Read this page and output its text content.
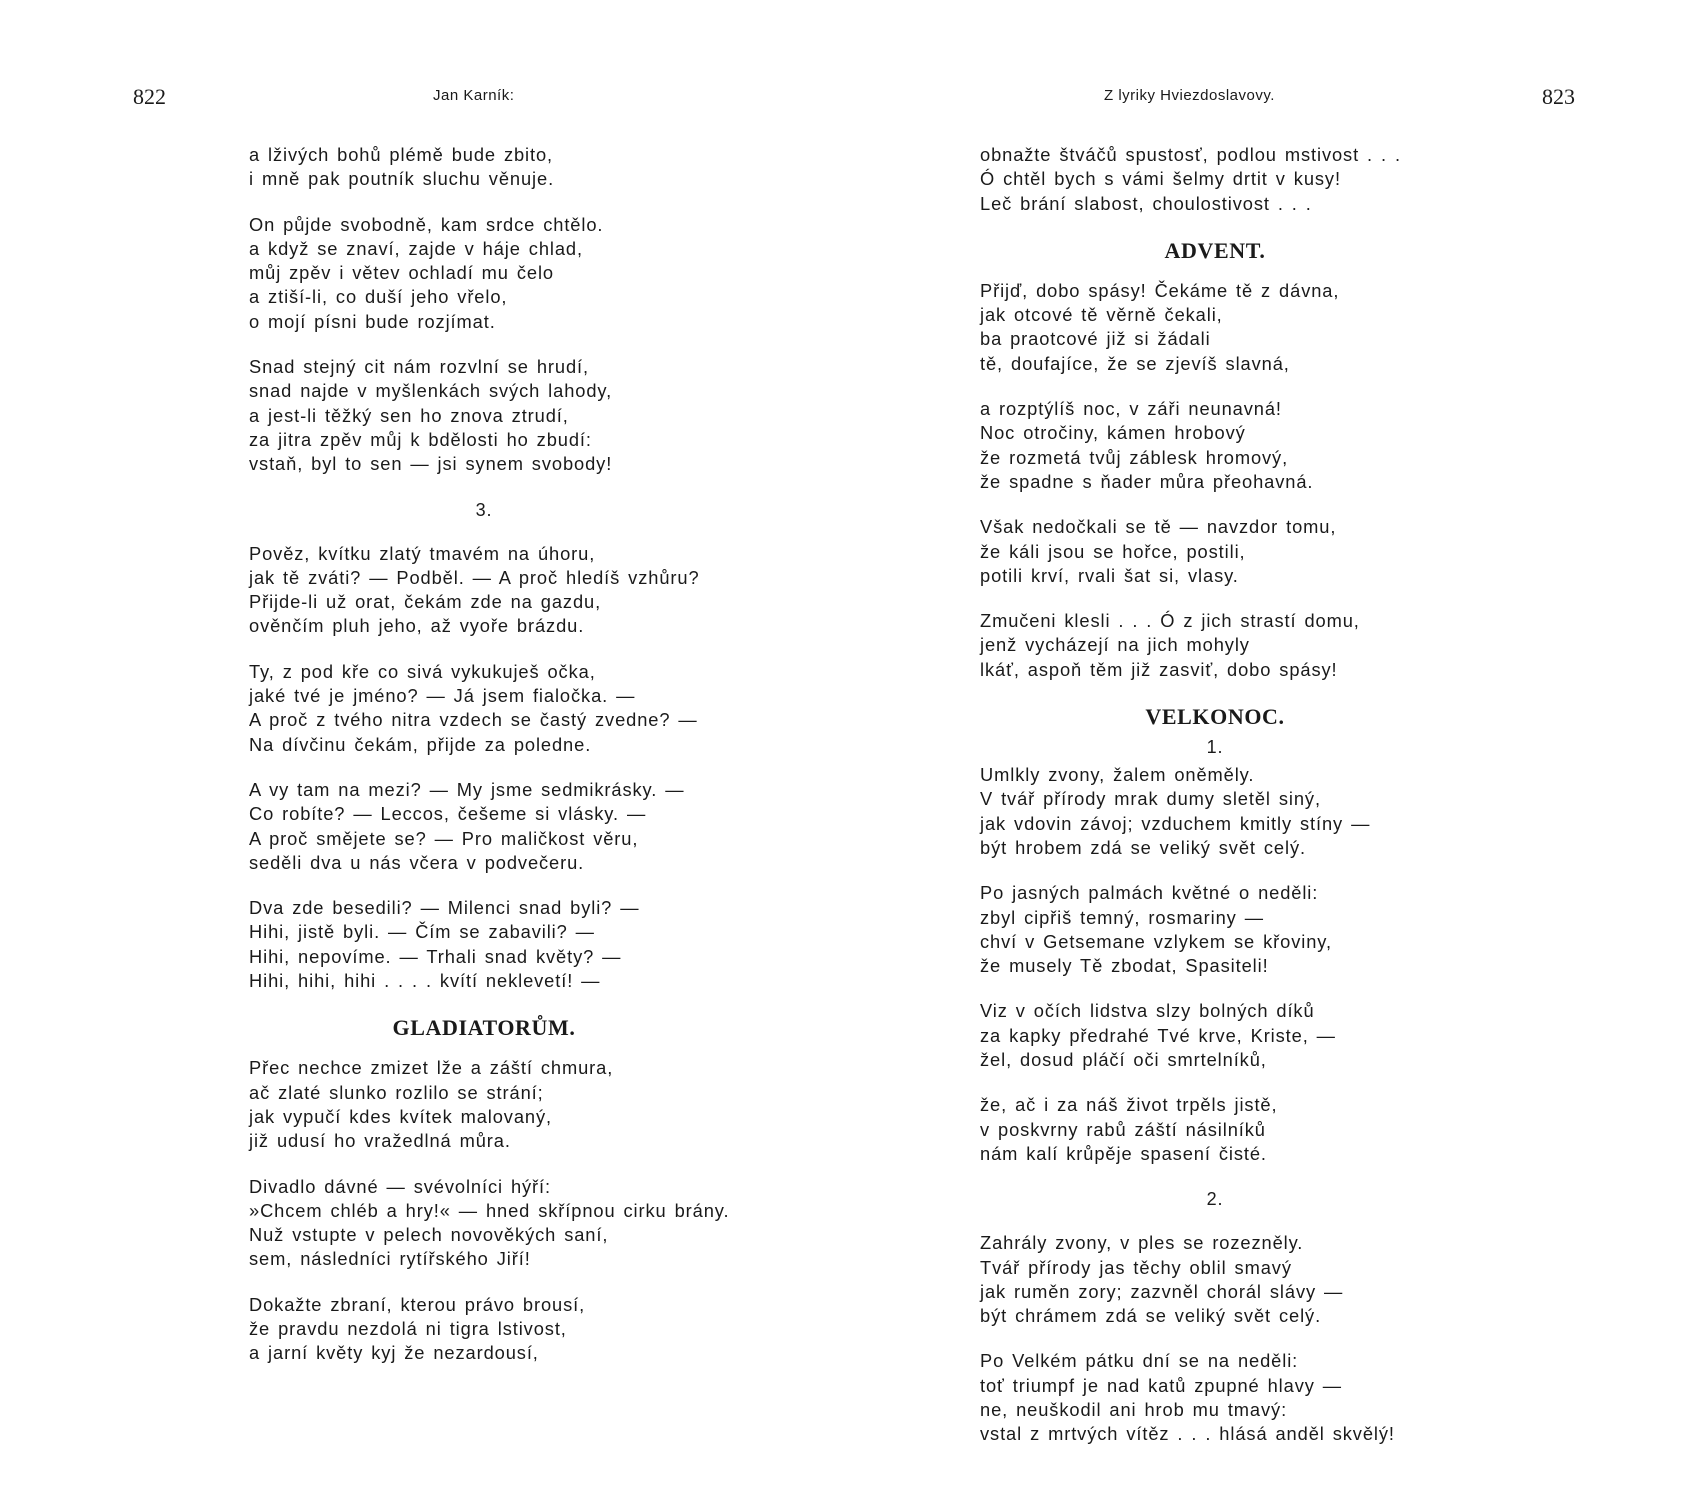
822	Jan Karník:
a lživých bohů plémě bude zbito,
i mně pak poutník sluchu věnuje.
On půjde svobodně, kam srdce chtělo.
a když se znaví, zajde v háje chlad,
můj zpěv i větev ochladí mu čelo
a ztiší-li, co duší jeho vřelo,
o mojí písni bude rozjímat.
Snad stejný cit nám rozvlní se hrudí,
snad najde v myšlenkách svých lahody,
a jest-li těžký sen ho znova ztrudí,
za jitra zpěv můj k bdělosti ho zbudí:
vstaň, byl to sen — jsi synem svobody!
3.
Pověz, kvítku zlatý tmavém na úhoru,
jak tě zváti? — Podběl. — A proč hledíš vzhůru?
Přijde-li už orat, čekám zde na gazdu,
ověnčím pluh jeho, až vyoře brázdu.
Ty, z pod kře co sivá vykukuješ očka,
jaké tvé je jméno? — Já jsem fialočka. —
A proč z tvého nitra vzdech se častý zvedne? —
Na dívčinu čekám, přijde za poledne.
A vy tam na mezi? — My jsme sedmikrásky. —
Co robíte? — Leccos, češeme si vlásky. —
A proč smějete se? — Pro maličkost věru,
seděli dva u nás včera v podvečeru.
Dva zde besedili? — Milenci snad byli? —
Hihi, jistě byli. — Čím se zabavili? —
Hihi, nepovíme. — Trhali snad květy? —
Hihi, hihi, hihi . . . . kvítí neklevetí! —
GLADIATORŮM.
Přec nechce zmizet lže a záští chmura,
ač zlaté slunko rozlilo se strání;
jak vypučí kdes kvítek malovaný,
již udusí ho vražedlná můra.
Divadlo dávné — svévolníci hýří:
»Chcem chléb a hry!« — hned skřípnou cirku brány.
Nuž vstupte v pelech novověkých saní,
sem, následníci rytířského Jiří!
Dokažte zbraní, kterou právo brousí,
že pravdu nezdolá ni tigra lstivost,
a jarní květy kyj že nezardousí,
823
Z lyriky Hviezdoslavovy.
obnažte štváčů spustosť, podlou mstivost . . .
Ó chtěl bych s vámi šelmy drtit v kusy!
Leč brání slabost, choulostivost . . .
ADVENT.
Přijď, dobo spásy! Čekáme tě z dávna,
jak otcové tě věrně čekali,
ba praotcové již si žádali
tě, doufajíce, že se zjevíš slavná,
a rozptýlíš noc, v záři neunavná!
Noc otročiny, kámen hrobový
že rozmetá tvůj záblesk hromový,
že spadne s ňader můra přeohavná.
Však nedočkali se tě — navzdor tomu,
že káli jsou se hořce, postili,
potili krví, rvali šat si, vlasy.
Zmučeni klesli . . . Ó z jich strastí domu,
jenž vycházejí na jich mohyly
lkáť, aspoň těm již zasviť, dobo spásy!
VELKONOC.
1.
Umlkly zvony, žalem oněměly.
V tvář přírody mrak dumy sletěl siný,
jak vdovin závoj; vzduchem kmitly stíny —
být hrobem zdá se veliký svět celý.
Po jasných palmách květné o neděli:
zbyl cipřiš temný, rosmariny —
chví v Getsemane vzlykem se křoviny,
že musely Tě zbodat, Spasiteli!
Viz v očích lidstva slzy bolných díků
za kapky předrahé Tvé krve, Kriste, —
žel, dosud pláčí oči smrtelníků,
že, ač i za náš život trpěls jistě,
v poskvrny rabů záští násilníků
nám kalí krůpěje spasení čisté.
2.
Zahrály zvony, v ples se rozezněly.
Tvář přírody jas těchy oblil smavý
jak ruměn zory; zazvněl chorál slávy —
být chrámem zdá se veliký svět celý.
Po Velkém pátku dní se na neděli:
toť triumpf je nad katů zpupné hlavy —
ne, neuškodil ani hrob mu tmavý:
vstal z mrtvých vítěz . . . hlásá anděl skvělý!
